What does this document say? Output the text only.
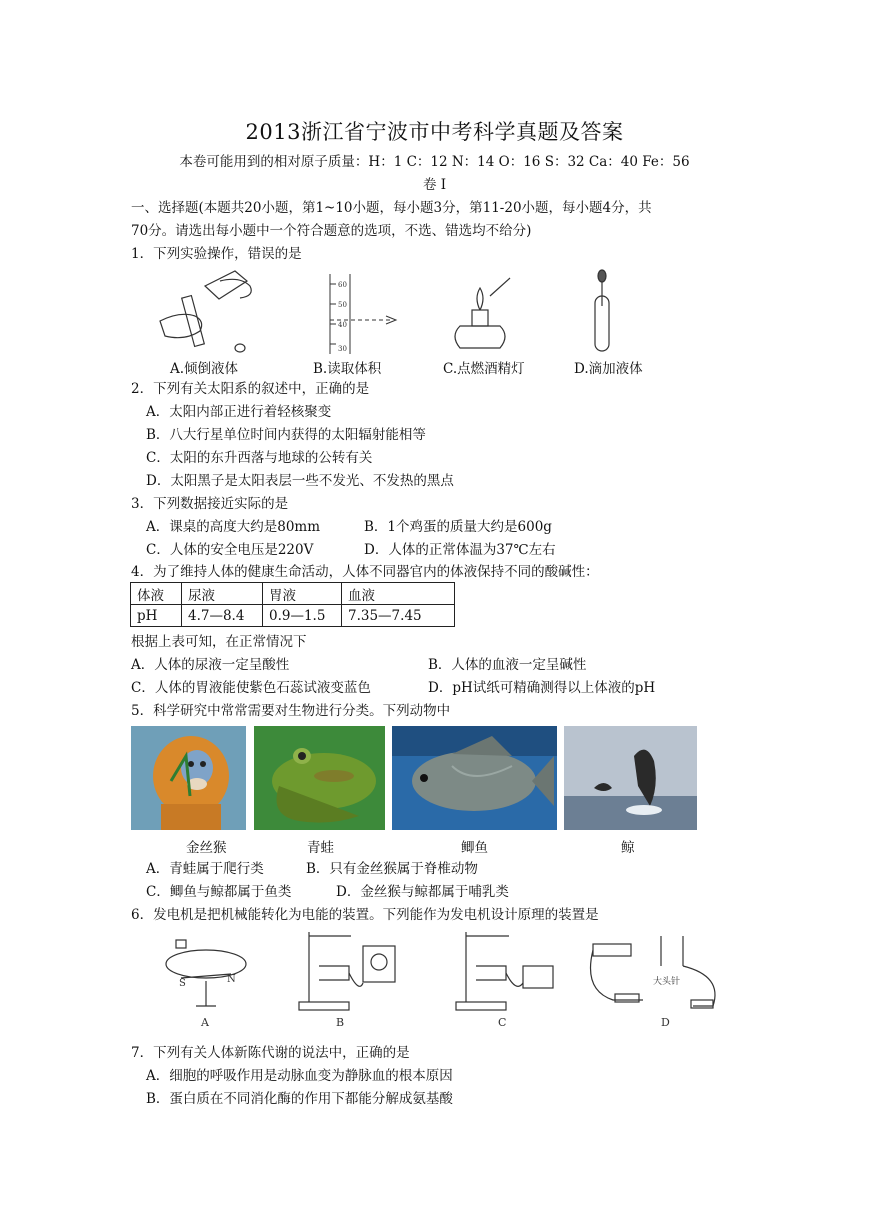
2013浙江省宁波市中考科学真题及答案
本卷可能用到的相对原子质量：H：1 C：12 N：14 O：16 S：32 Ca：40 Fe：56
卷 I
一、选择题(本题共20小题，第1~10小题，每小题3分，第11-20小题，每小题4分，共
70分。请选出每小题中一个符合题意的选项，不选、错选均不给分)
1．下列实验操作，错误的是
60
50
40
30
A.倾倒液体	B.读取体积	C.点燃酒精灯	D.滴加液体
2．下列有关太阳系的叙述中，正确的是
A．太阳内部正进行着轻核聚变
B．八大行星单位时间内获得的太阳辐射能相等
C．太阳的东升西落与地球的公转有关
D．太阳黑子是太阳表层一些不发光、不发热的黑点
3．下列数据接近实际的是
A．课桌的高度大约是80mm	B．1个鸡蛋的质量大约是600g
C．人体的安全电压是220V	D．人体的正常体温为37℃左右
4．为了维持人体的健康生命活动，人体不同器官内的体液保持不同的酸碱性：
体液	尿液	胃液	血液
pH	4.7—8.4	0.9—1.5	7.35—7.45
根据上表可知，在正常情况下
A．人体的尿液一定呈酸性	B．人体的血液一定呈碱性
C．人体的胃液能使紫色石蕊试液变蓝色	D．pH试纸可精确测得以上体液的pH
5．科学研究中常常需要对生物进行分类。下列动物中
金丝猴	青蛙	鲫鱼	鲸
A．青蛙属于爬行类	B．只有金丝猴属于脊椎动物
C．鲫鱼与鲸都属于鱼类	D．金丝猴与鲸都属于哺乳类
6．发电机是把机械能转化为电能的装置。下列能作为发电机设计原理的装置是
S	N	大头针
A	B	C	D
7．下列有关人体新陈代谢的说法中，正确的是
A．细胞的呼吸作用是动脉血变为静脉血的根本原因
B．蛋白质在不同消化酶的作用下都能分解成氨基酸
